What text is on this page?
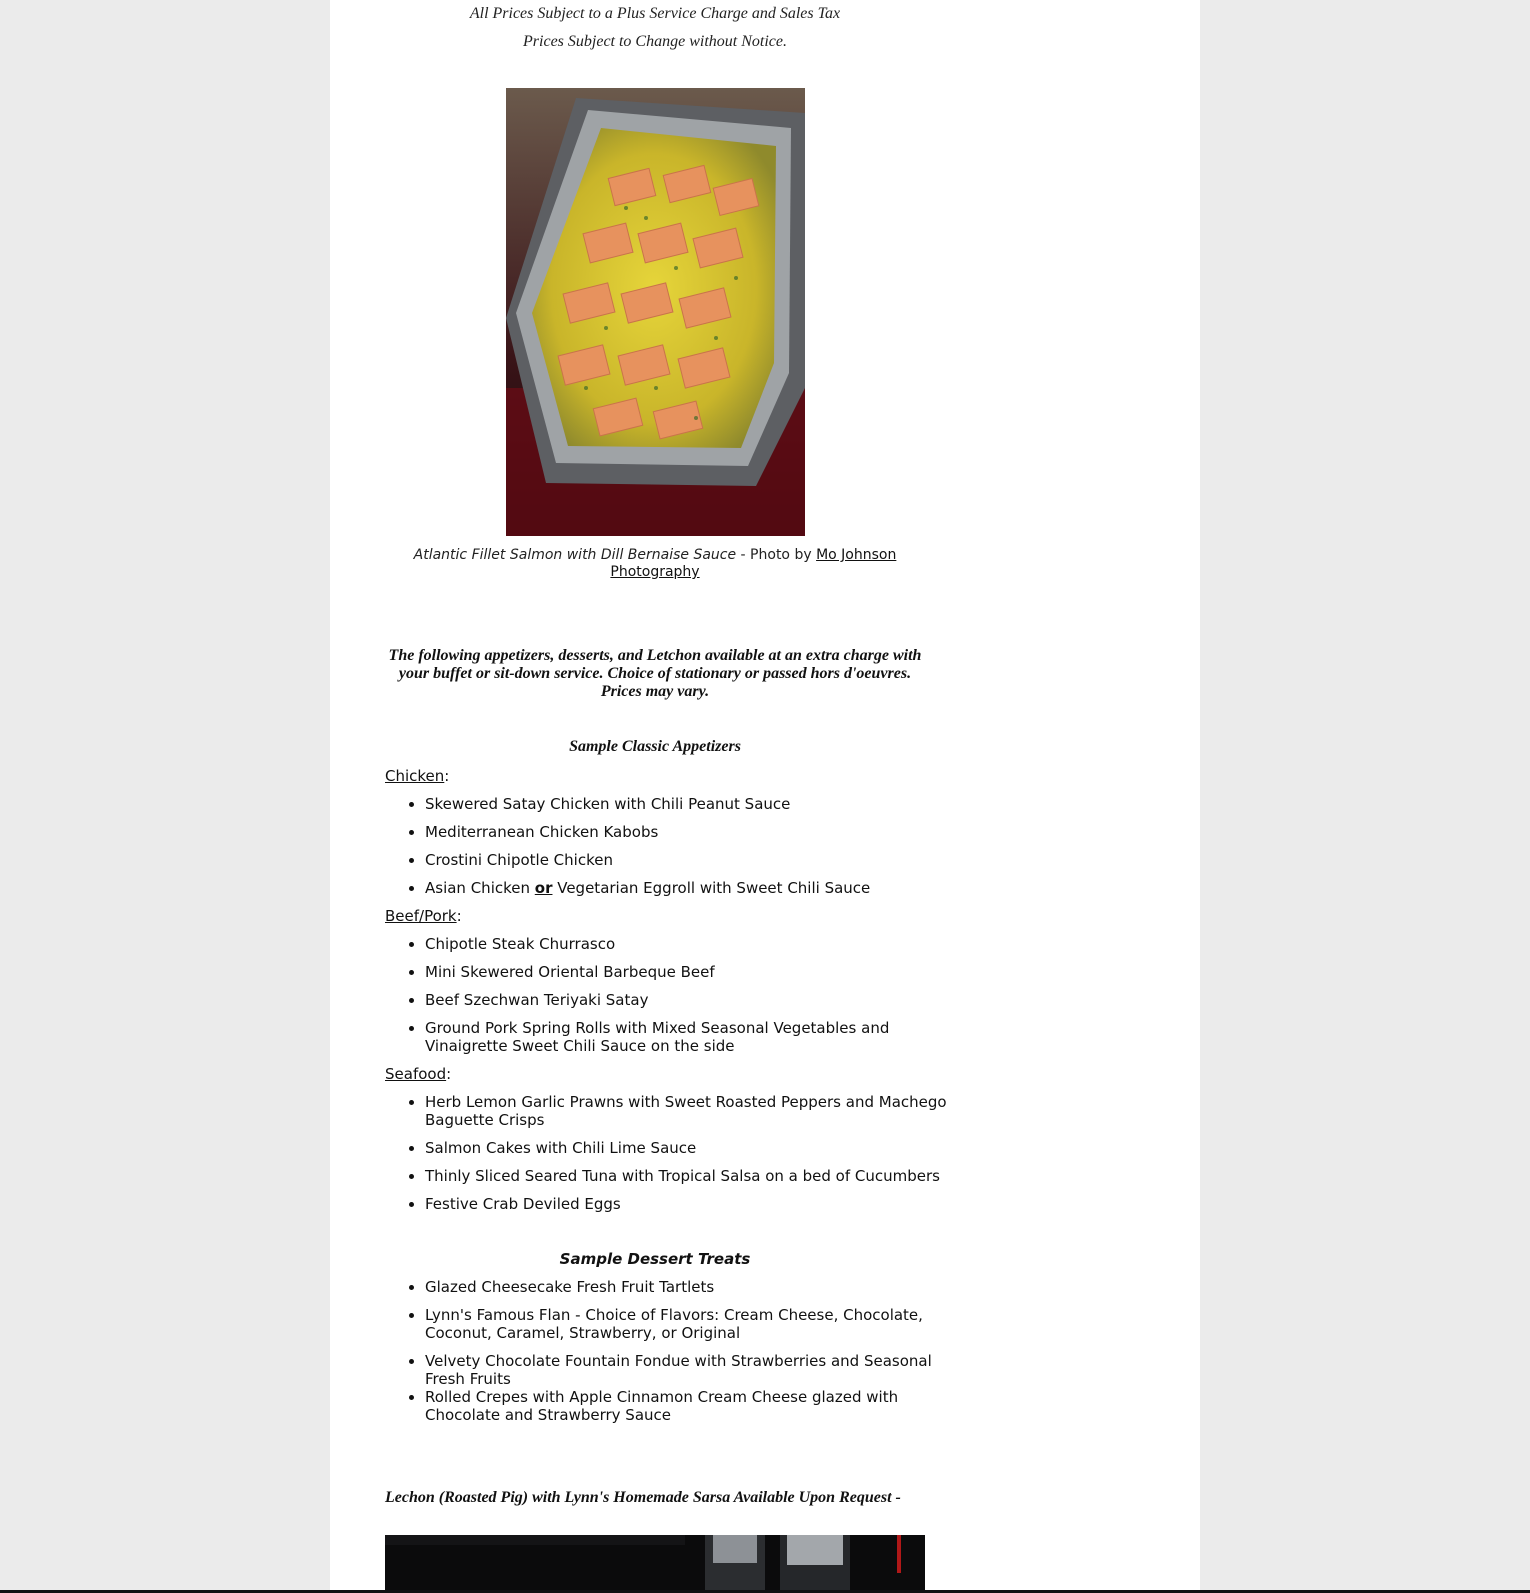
All Prices Subject to a Plus Service Charge and Sales Tax
Prices Subject to Change without Notice.
Atlantic Fillet Salmon with Dill Bernaise Sauce - Photo by Mo Johnson Photography
The following appetizers, desserts, and Letchon available at an extra charge with your buffet or sit-down service. Choice of stationary or passed hors d'oeuvres. Prices may vary.
Sample Classic Appetizers
Chicken:
• Skewered Satay Chicken with Chili Peanut Sauce
• Mediterranean Chicken Kabobs
• Crostini Chipotle Chicken
• Asian Chicken or Vegetarian Eggroll with Sweet Chili Sauce
Beef/Pork:
• Chipotle Steak Churrasco
• Mini Skewered Oriental Barbeque Beef
• Beef Szechwan Teriyaki Satay
• Ground Pork Spring Rolls with Mixed Seasonal Vegetables and Vinaigrette Sweet Chili Sauce on the side
Seafood:
• Herb Lemon Garlic Prawns with Sweet Roasted Peppers and Machego Baguette Crisps
• Salmon Cakes with Chili Lime Sauce
• Thinly Sliced Seared Tuna with Tropical Salsa on a bed of Cucumbers
• Festive Crab Deviled Eggs
Sample Dessert Treats
• Glazed Cheesecake Fresh Fruit Tartlets
• Lynn's Famous Flan - Choice of Flavors: Cream Cheese, Chocolate, Coconut, Caramel, Strawberry, or Original
• Velvety Chocolate Fountain Fondue with Strawberries and Seasonal Fresh Fruits
• Rolled Crepes with Apple Cinnamon Cream Cheese glazed with Chocolate and Strawberry Sauce
Lechon (Roasted Pig) with Lynn's Homemade Sarsa Available Upon Request -
